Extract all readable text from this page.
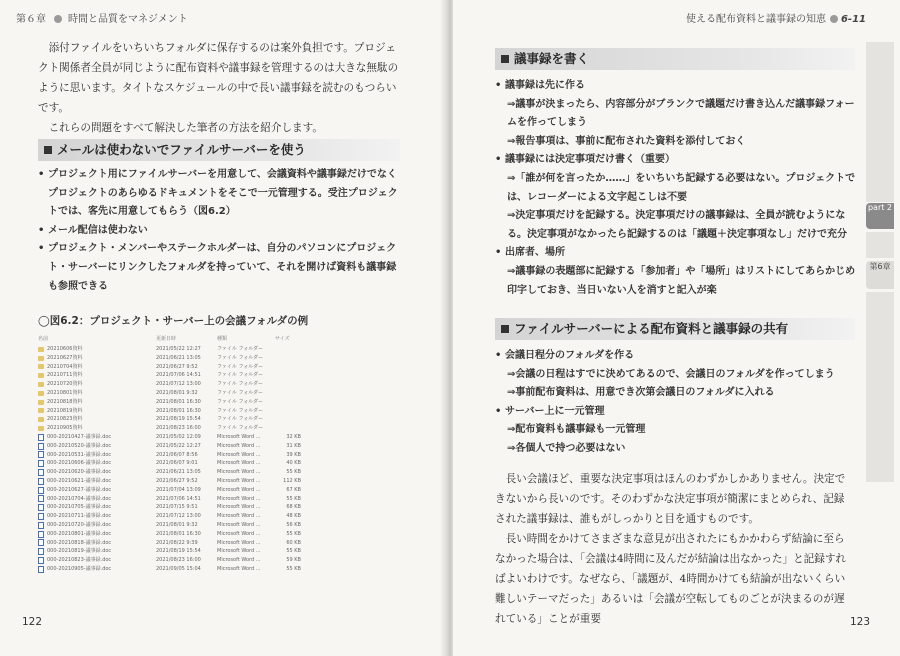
第６章 時間と品質をマネジメント

添付ファイルをいちいちフォルダに保存するのは案外負担です。プロジェクト関係者全員が同じように配布資料や議事録を管理するのは大きな無駄のように思います。タイトなスケジュールの中で長い議事録を読むのもつらいです。

これらの問題をすべて解決した筆者の方法を紹介します。

メールは使わないでファイルサーバーを使う
• プロジェクト用にファイルサーバーを用意して、会議資料や議事録だけでなくプロジェクトのあらゆるドキュメントをそこで一元管理する。受注プロジェクトでは、客先に用意してもらう（図6.2）
• メール配信は使わない
• プロジェクト・メンバーやステークホルダーは、自分のパソコンにプロジェクト・サーバーにリンクしたフォルダを持っていて、それを開けば資料も議事録も参照できる
◯図6.2：プロジェクト・サーバー上の会議フォルダの例
名前	更新日時	種類	サイズ
20210606資料	2021/05/22 12:27	ファイル フォルダー
20210627資料	2021/06/21 13:05	ファイル フォルダー
20210704資料	2021/06/27 9:52	ファイル フォルダー
20210711資料	2021/07/06 14:51	ファイル フォルダー
20210720資料	2021/07/12 13:00	ファイル フォルダー
20210801資料	2021/08/01 9:32	ファイル フォルダー
20210818資料	2021/08/01 16:30	ファイル フォルダー
20210819資料	2021/08/01 16:30	ファイル フォルダー
20210823資料	2021/08/19 15:54	ファイル フォルダー
20210905資料	2021/08/23 16:00	ファイル フォルダー
000-20210427-議事録.doc	2021/05/02 12:09	Microsoft Word ...	32 KB
000-20210520-議事録.doc	2021/05/22 12:27	Microsoft Word ...	31 KB
000-20210531-議事録.doc	2021/06/07 8:56	Microsoft Word ...	39 KB
000-20210606-議事録.doc	2021/06/07 9:01	Microsoft Word ...	40 KB
000-20210620-議事録.doc	2021/06/21 13:05	Microsoft Word ...	55 KB
000-20210621-議事録.doc	2021/06/27 9:52	Microsoft Word ...	112 KB
000-20210627-議事録.doc	2021/07/04 13:09	Microsoft Word ...	67 KB
000-20210704-議事録.doc	2021/07/06 14:51	Microsoft Word ...	55 KB
000-20210705-議事録.doc	2021/07/15 9:51	Microsoft Word ...	68 KB
000-20210711-議事録.doc	2021/07/12 13:00	Microsoft Word ...	48 KB
000-20210720-議事録.doc	2021/08/01 9:32	Microsoft Word ...	56 KB
000-20210801-議事録.doc	2021/08/01 16:30	Microsoft Word ...	55 KB
000-20210818-議事録.doc	2021/08/22 9:39	Microsoft Word ...	60 KB
000-20210819-議事録.doc	2021/08/19 15:54	Microsoft Word ...	55 KB
000-20210823-議事録.doc	2021/08/23 16:00	Microsoft Word ...	59 KB
000-20210905-議事録.doc	2021/09/05 15:04	Microsoft Word ...	55 KB
122
使える配布資料と議事録の知恵 6-11
議事録を書く
• 議事録は先に作る
⇒議事が決まったら、内容部分がブランクで議題だけ書き込んだ議事録フォームを作ってしまう
⇒報告事項は、事前に配布された資料を添付しておく
• 議事録には決定事項だけ書く（重要）
⇒「誰が何を言ったか……」をいちいち記録する必要はない。プロジェクトでは、レコーダーによる文字起こしは不要
⇒決定事項だけを記録する。決定事項だけの議事録は、全員が読むようになる。決定事項がなかったら記録するのは「議題＋決定事項なし」だけで充分
• 出席者、場所
⇒議事録の表題部に記録する「参加者」や「場所」はリストにしてあらかじめ印字しておき、当日いない人を消すと記入が楽
ファイルサーバーによる配布資料と議事録の共有
• 会議日程分のフォルダを作る
⇒会議の日程はすでに決めてあるので、会議日のフォルダを作ってしまう
⇒事前配布資料は、用意でき次第会議日のフォルダに入れる
• サーバー上に一元管理
⇒配布資料も議事録も一元管理
⇒各個人で持つ必要はない

長い会議ほど、重要な決定事項はほんのわずかしかありません。決定できないから長いのです。そのわずかな決定事項が簡潔にまとめられ、記録された議事録は、誰もがしっかりと目を通すものです。

長い時間をかけてさまざまな意見が出されたにもかかわらず結論に至らなかった場合は、「会議は4時間に及んだが結論は出なかった」と記録すればよいわけです。なぜなら、「議題が、4時間かけても結論が出ないくらい難しいテーマだった」あるいは「会議が空転してものごとが決まるのが遅れている」ことが重要

part 2
第6章
123
